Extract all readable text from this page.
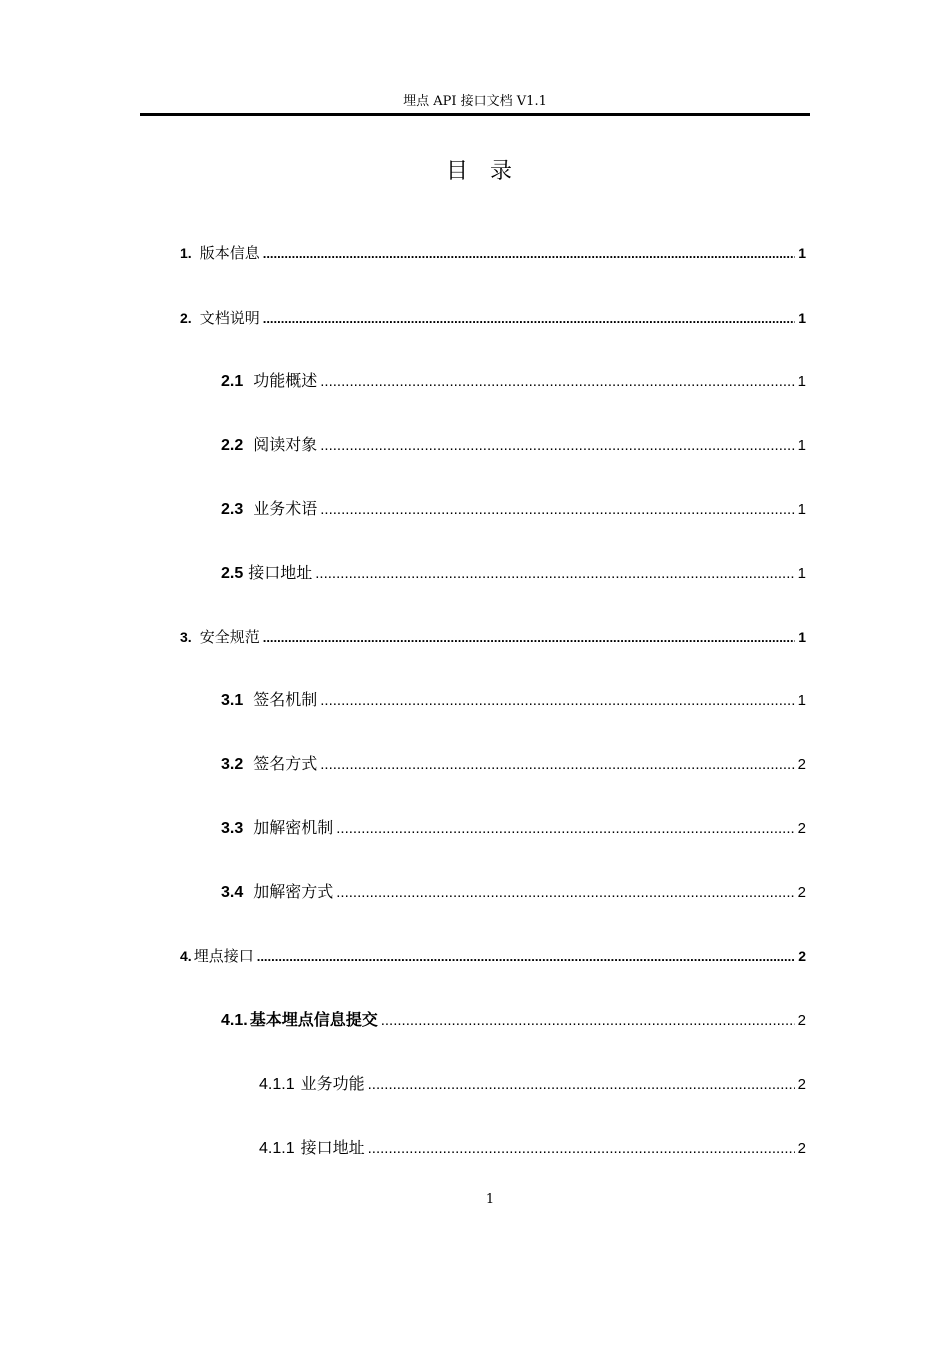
埋点 API 接口文档 V1.1
目录
1. 版本信息 .....	1
2. 文档说明 .....	1
2.1 功能概述 .....	1
2.2 阅读对象 .....	1
2.3 业务术语 .....	1
2.5 接口地址 .....	1
3. 安全规范 .....	1
3.1 签名机制 .....	1
3.2 签名方式 .....	2
3.3 加解密机制 .....	2
3.4 加解密方式 .....	2
4. 埋点接口 .....	2
4.1. 基本埋点信息提交 .....	2
4.1.1 业务功能 .....	2
4.1.1 接口地址 .....	2
1
